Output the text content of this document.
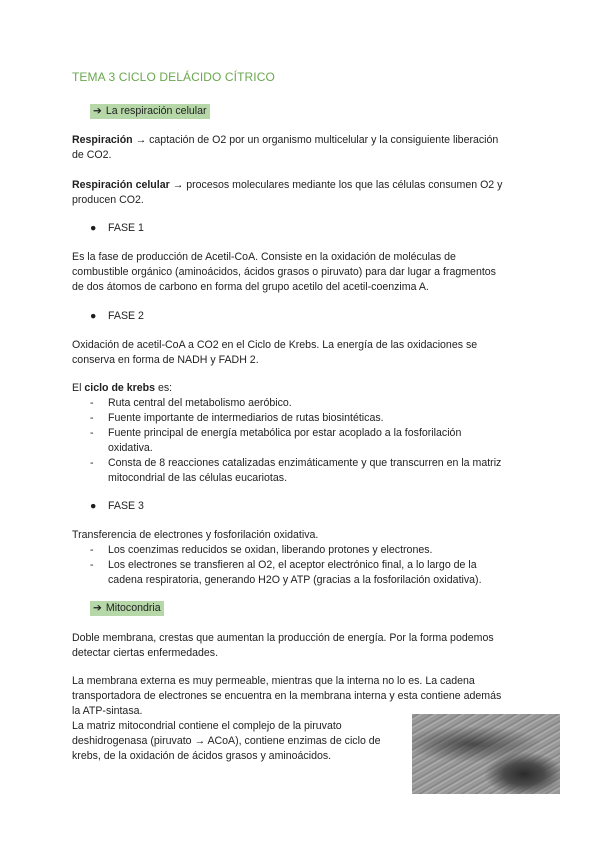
TEMA 3 CICLO DELÁCIDO CÍTRICO
➔ La respiración celular
Respiración → captación de O2 por un organismo multicelular y la consiguiente liberación
de CO2.
Respiración celular → procesos moleculares mediante los que las células consumen O2 y
producen CO2.
● FASE 1
Es la fase de producción de Acetil-CoA. Consiste en la oxidación de moléculas de
combustible orgánico (aminoácidos, ácidos grasos o piruvato) para dar lugar a fragmentos
de dos átomos de carbono en forma del grupo acetilo del acetil-coenzima A.
● FASE 2
Oxidación de acetil-CoA a CO2 en el Ciclo de Krebs. La energía de las oxidaciones se
conserva en forma de NADH y FADH 2.
El ciclo de krebs es:
-	Ruta central del metabolismo aeróbico.
-	Fuente importante de intermediarios de rutas biosintéticas.
-	Fuente principal de energía metabólica por estar acoplado a la fosforilación
oxidativa.
-	Consta de 8 reacciones catalizadas enzimáticamente y que transcurren en la matriz
mitocondrial de las células eucariotas.
● FASE 3
Transferencia de electrones y fosforilación oxidativa.
-	Los coenzimas reducidos se oxidan, liberando protones y electrones.
-	Los electrones se transfieren al O2, el aceptor electrónico final, a lo largo de la
cadena respiratoria, generando H2O y ATP (gracias a la fosforilación oxidativa).
➔ Mitocondria
Doble membrana, crestas que aumentan la producción de energía. Por la forma podemos
detectar ciertas enfermedades.
La membrana externa es muy permeable, mientras que la interna no lo es. La cadena
transportadora de electrones se encuentra en la membrana interna y esta contiene además
la ATP-sintasa.
La matriz mitocondrial contiene el complejo de la piruvato
deshidrogenasa (piruvato → ACoA), contiene enzimas de ciclo de
krebs, de la oxidación de ácidos grasos y aminoácidos.
